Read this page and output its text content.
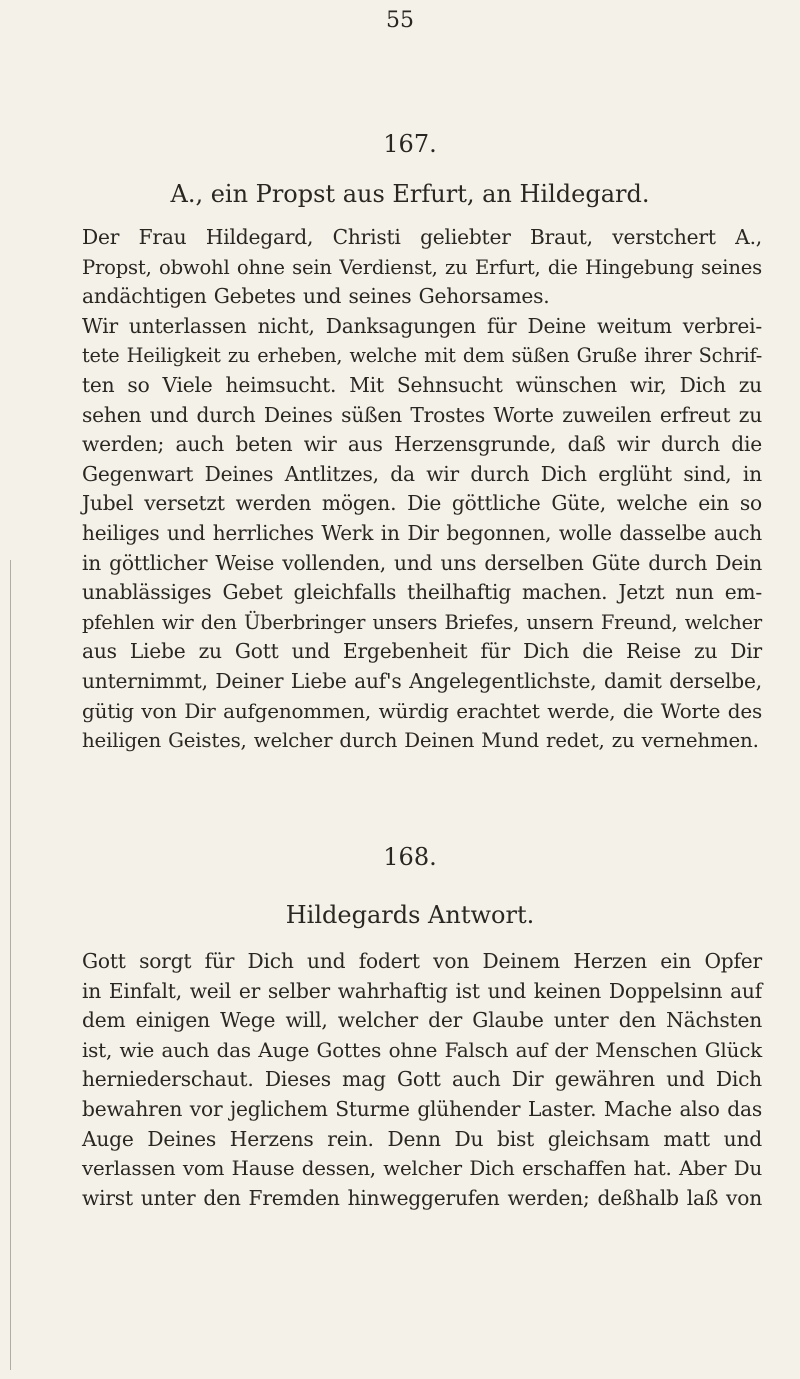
55

167.

A., ein Propst aus Erfurt, an Hildegard.

Der Frau Hildegard, Christi geliebter Braut, verstchert A.,
Propst, obwohl ohne sein Verdienst, zu Erfurt, die Hingebung seines
andächtigen Gebetes und seines Gehorsames.

Wir unterlassen nicht, Danksagungen für Deine weitum verbrei-
tete Heiligkeit zu erheben, welche mit dem süßen Gruße ihrer Schrif-
ten so Viele heimsucht. Mit Sehnsucht wünschen wir, Dich zu
sehen und durch Deines süßen Trostes Worte zuweilen erfreut zu
werden; auch beten wir aus Herzensgrunde, daß wir durch die
Gegenwart Deines Antlitzes, da wir durch Dich erglüht sind, in
Jubel versetzt werden mögen. Die göttliche Güte, welche ein so
heiliges und herrliches Werk in Dir begonnen, wolle dasselbe auch
in göttlicher Weise vollenden, und uns derselben Güte durch Dein
unablässiges Gebet gleichfalls theilhaftig machen. Jetzt nun em-
pfehlen wir den Überbringer unsers Briefes, unsern Freund, welcher
aus Liebe zu Gott und Ergebenheit für Dich die Reise zu Dir
unternimmt, Deiner Liebe auf's Angelegentlichste, damit derselbe,
gütig von Dir aufgenommen, würdig erachtet werde, die Worte des
heiligen Geistes, welcher durch Deinen Mund redet, zu vernehmen.

168.

Hildegards Antwort.

Gott sorgt für Dich und fodert von Deinem Herzen ein Opfer
in Einfalt, weil er selber wahrhaftig ist und keinen Doppelsinn auf
dem einigen Wege will, welcher der Glaube unter den Nächsten
ist, wie auch das Auge Gottes ohne Falsch auf der Menschen Glück
herniederschaut. Dieses mag Gott auch Dir gewähren und Dich
bewahren vor jeglichem Sturme glühender Laster. Mache also das
Auge Deines Herzens rein. Denn Du bist gleichsam matt und
verlassen vom Hause dessen, welcher Dich erschaffen hat. Aber Du
wirst unter den Fremden hinweggerufen werden; deßhalb laß von
